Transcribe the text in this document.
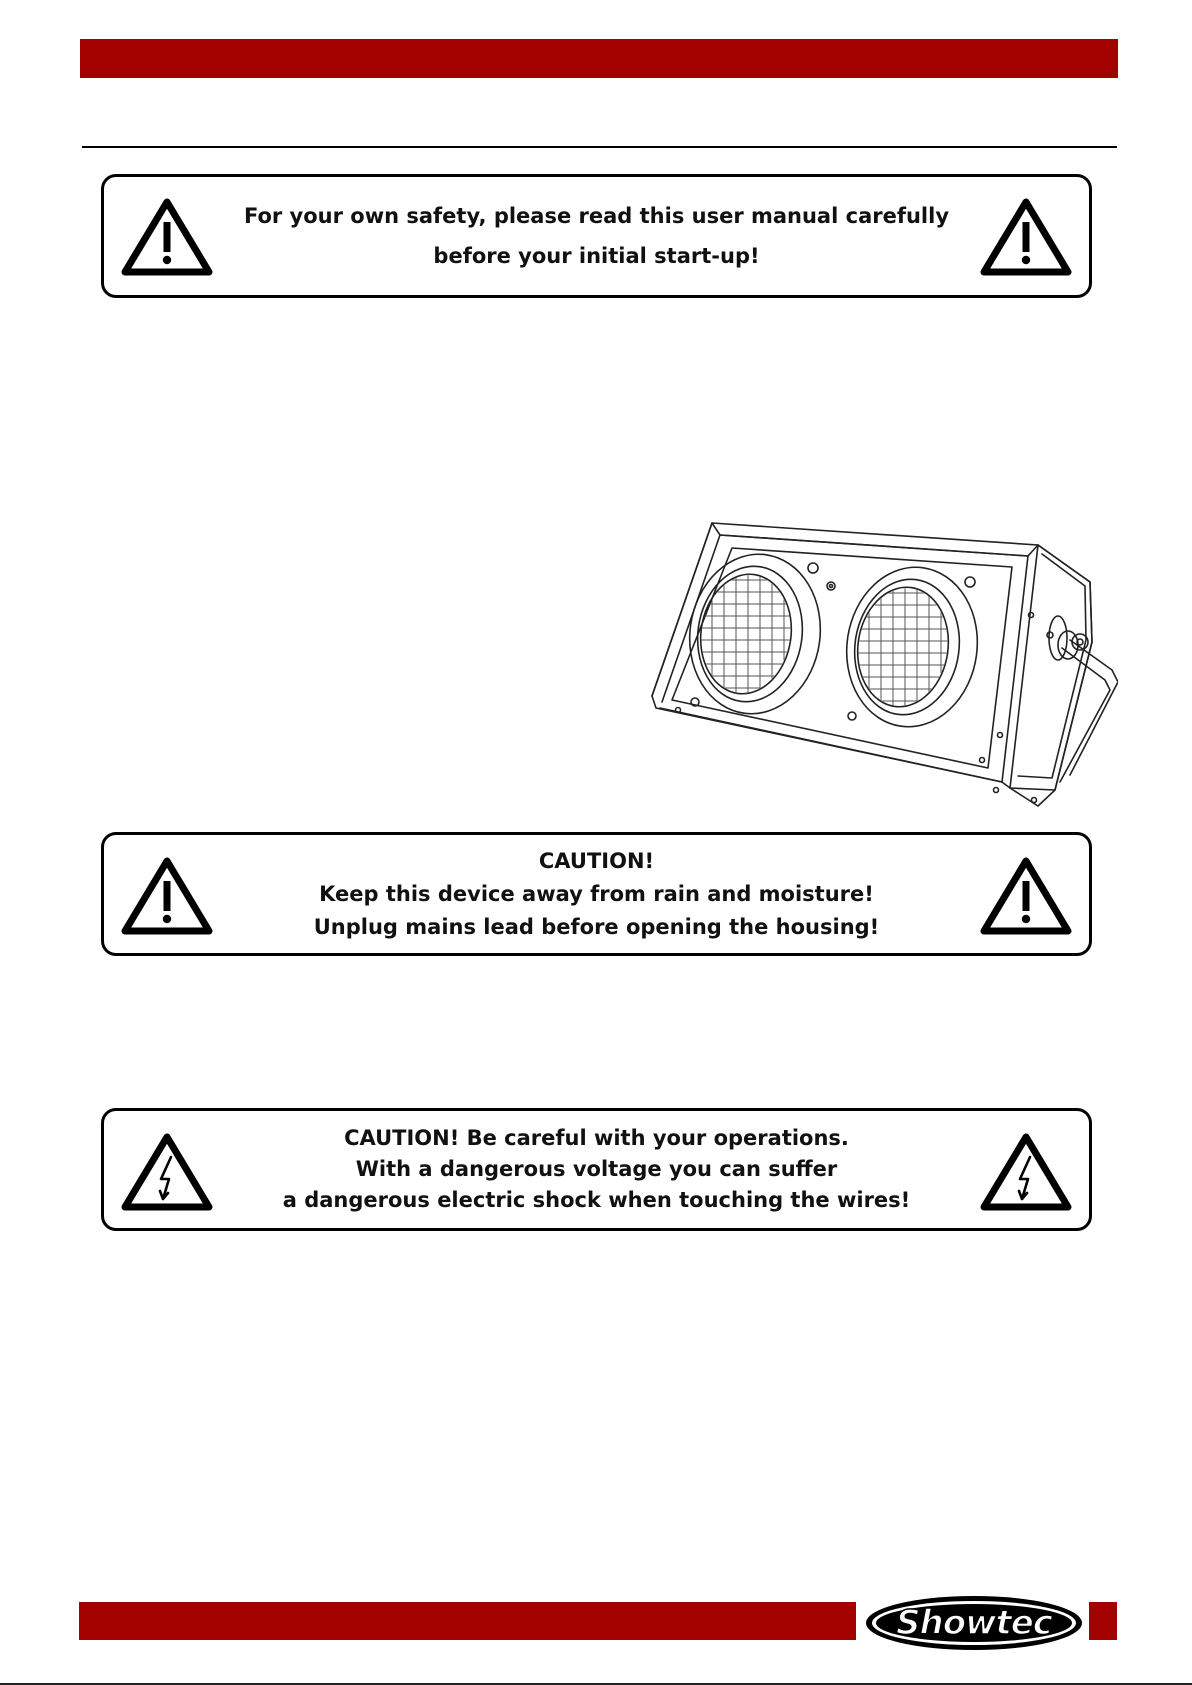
For your own safety, please read this user manual carefully
before your initial start-up!
CAUTION!
Keep this device away from rain and moisture!
Unplug mains lead before opening the housing!
CAUTION! Be careful with your operations.
With a dangerous voltage you can suffer
a dangerous electric shock when touching the wires!
Showtec
